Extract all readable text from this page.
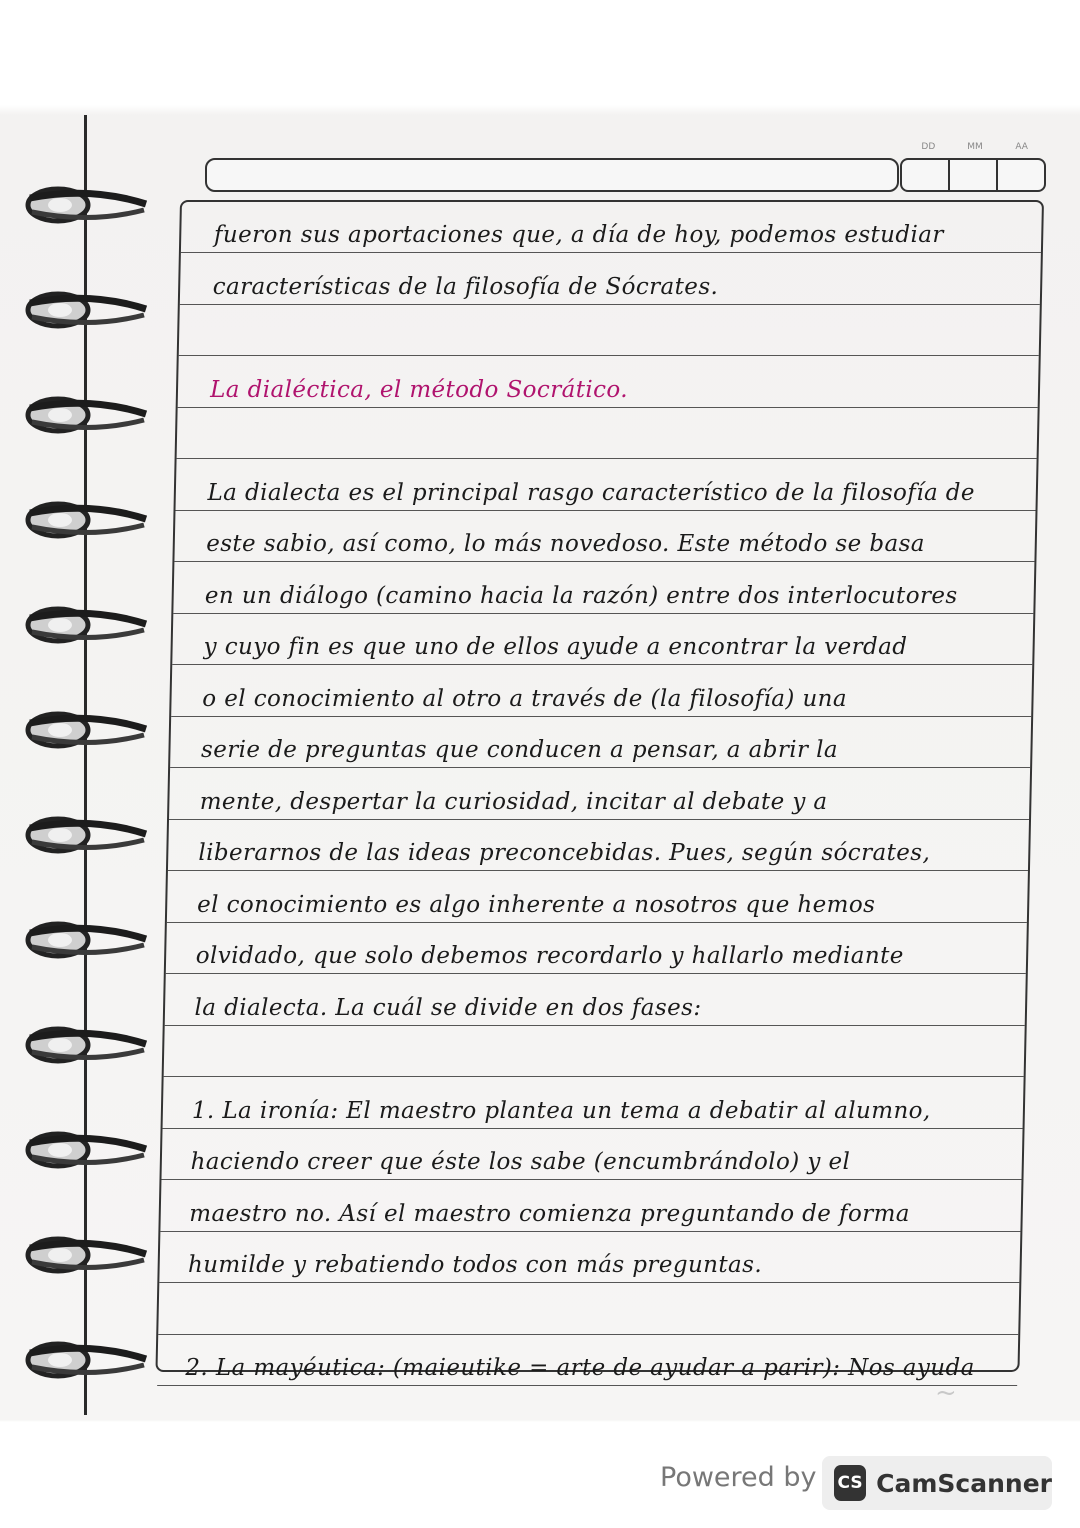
DD	MM	AA
fueron sus aportaciones que, a día de hoy, podemos estudiar
características de la filosofía de Sócrates.
La dialéctica, el método Socrático.
La dialecta es el principal rasgo característico de la filosofía de
este sabio, así como, lo más novedoso. Este método se basa
en un diálogo (camino hacia la razón) entre dos interlocutores
y cuyo fin es que uno de ellos ayude a encontrar la verdad
o el conocimiento al otro a través de (la filosofía) una
serie de preguntas que conducen a pensar, a abrir la
mente, despertar la curiosidad, incitar al debate y a
liberarnos de las ideas preconcebidas. Pues, según sócrates,
el conocimiento es algo inherente a nosotros que hemos
olvidado, que solo debemos recordarlo y hallarlo mediante
la dialecta. La cuál se divide en dos fases:
1. La ironía: El maestro plantea un tema a debatir al alumno,
haciendo creer que éste los sabe (encumbrándolo) y el
maestro no. Así el maestro comienza preguntando de forma
humilde y rebatiendo todos con más preguntas.
2. La mayéutica: (maieutike = arte de ayudar a parir): Nos ayuda
~
Powered by CS CamScanner
